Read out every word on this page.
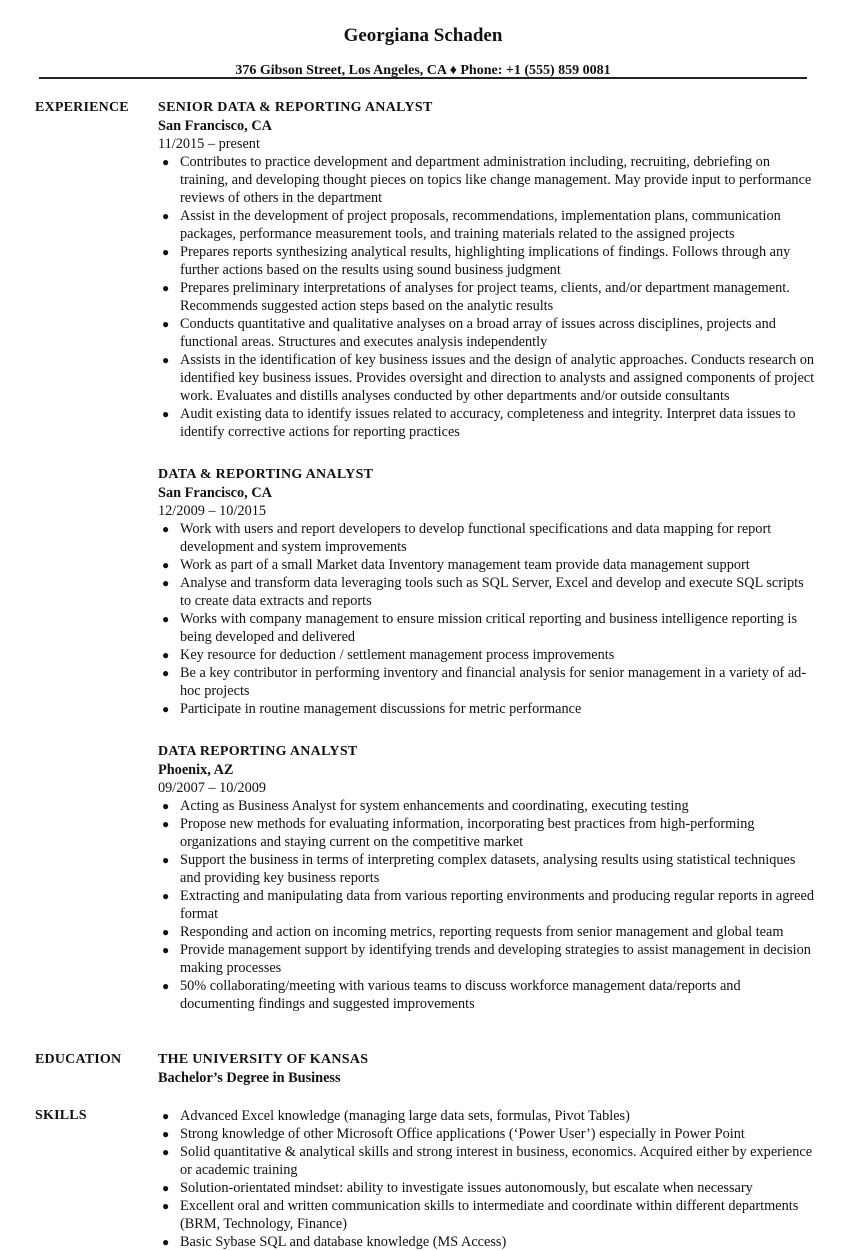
Georgiana Schaden
376 Gibson Street, Los Angeles, CA ♦ Phone: +1 (555) 859 0081
EXPERIENCE SENIOR DATA & REPORTING ANALYST
San Francisco, CA
11/2015 – present
● Contributes to practice development and department administration including, recruiting, debriefing on training, and developing thought pieces on topics like change management. May provide input to performance reviews of others in the department
● Assist in the development of project proposals, recommendations, implementation plans, communication packages, performance measurement tools, and training materials related to the assigned projects
● Prepares reports synthesizing analytical results, highlighting implications of findings. Follows through any further actions based on the results using sound business judgment
● Prepares preliminary interpretations of analyses for project teams, clients, and/or department management. Recommends suggested action steps based on the analytic results
● Conducts quantitative and qualitative analyses on a broad array of issues across disciplines, projects and functional areas. Structures and executes analysis independently
● Assists in the identification of key business issues and the design of analytic approaches. Conducts research on identified key business issues. Provides oversight and direction to analysts and assigned components of project work. Evaluates and distills analyses conducted by other departments and/or outside consultants
● Audit existing data to identify issues related to accuracy, completeness and integrity. Interpret data issues to identify corrective actions for reporting practices
DATA & REPORTING ANALYST
San Francisco, CA
12/2009 – 10/2015
● Work with users and report developers to develop functional specifications and data mapping for report development and system improvements
● Work as part of a small Market data Inventory management team provide data management support
● Analyse and transform data leveraging tools such as SQL Server, Excel and develop and execute SQL scripts to create data extracts and reports
● Works with company management to ensure mission critical reporting and business intelligence reporting is being developed and delivered
● Key resource for deduction / settlement management process improvements
● Be a key contributor in performing inventory and financial analysis for senior management in a variety of ad-hoc projects
● Participate in routine management discussions for metric performance
DATA REPORTING ANALYST
Phoenix, AZ
09/2007 – 10/2009
● Acting as Business Analyst for system enhancements and coordinating, executing testing
● Propose new methods for evaluating information, incorporating best practices from high-performing organizations and staying current on the competitive market
● Support the business in terms of interpreting complex datasets, analysing results using statistical techniques and providing key business reports
● Extracting and manipulating data from various reporting environments and producing regular reports in agreed format
● Responding and action on incoming metrics, reporting requests from senior management and global team
● Provide management support by identifying trends and developing strategies to assist management in decision making processes
● 50% collaborating/meeting with various teams to discuss workforce management data/reports and documenting findings and suggested improvements
EDUCATION	THE UNIVERSITY OF KANSAS
Bachelor’s Degree in Business
SKILLS	● Advanced Excel knowledge (managing large data sets, formulas, Pivot Tables)
● Strong knowledge of other Microsoft Office applications (‘Power User’) especially in Power Point
● Solid quantitative & analytical skills and strong interest in business, economics. Acquired either by experience or academic training
● Solution-orientated mindset: ability to investigate issues autonomously, but escalate when necessary
● Excellent oral and written communication skills to intermediate and coordinate within different departments (BRM, Technology, Finance)
● Basic Sybase SQL and database knowledge (MS Access)
